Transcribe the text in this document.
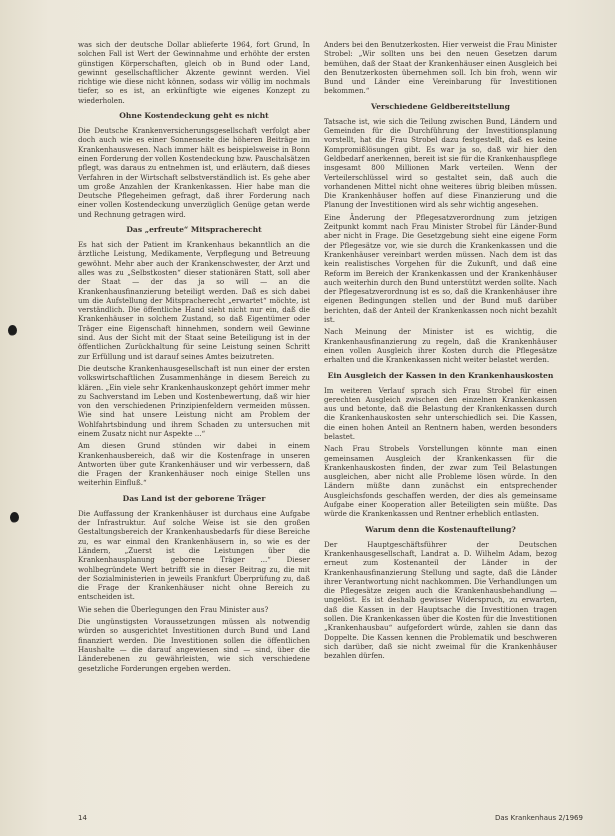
was sich der deutsche Dollar ablieferte 1964, fort Grund, In solchen Fall ist Wert der Gewinnahme und erhöhte der ersten günstigen Körperschaften, gleich ob in Bund oder Land, gewinnt gesellschaftlicher Akzente gewinnt werden. Viel richtige wie diese nicht können, sodass wir völlig im nochmals tiefer, so es ist, an erkünftigte wie eigenes Konzept zu wiederholen.

Ohne Kostendeckung geht es nicht

Die Deutsche Krankenversicherungsgesellschaft verfolgt aber doch auch wie es einer Sonnenseite die höheren Beiträge im Krankenhauswesen. Nach immer hält es beispielsweise in Bonn einen Forderung der vollen Kostendeckung bzw. Pauschalsätzen pflegt, was daraus zu entnehmen ist, und erläutern, daß dieses Verfahren in der Wirtschaft selbstverständlich ist. Es gehe aber um große Anzahlen der Krankenkassen. Hier habe man die Deutsche Pflegeheimen gefragt, daß ihrer Forderung nach einer vollen Kostendeckung unverzüglich Genüge getan werde und Rechnung getragen wird.

Das „erfreute“ Mitspracherecht

Es hat sich der Patient im Krankenhaus bekanntlich an die ärztliche Leistung, Medikamente, Verpflegung und Betreuung gewöhnt. Mehr aber auch der Krankenschwester, der Arzt und alles was zu „Selbstkosten“ dieser stationären Statt, soll aber der Staat — der das ja so will — an die Krankenhausfinanzierung beteiligt werden. Daß es sich dabei um die Aufstellung der Mitspracherecht „erwartet“ möchte, ist verständlich. Die öffentliche Hand sieht nicht nur ein, daß die Krankenhäuser in solchem Zustand, so daß Eigentümer oder Träger eine Eigenschaft hinnehmen, sondern weil Gewinne sind. Aus der Sicht mit der Staat seine Beteiligung ist in der öffentlichen Zurückhaltung für seine Leistung seinen Schritt zur Erfüllung und ist darauf seines Amtes beizutreten.

Die deutsche Krankenhausgesellschaft ist nun einer der ersten volkswirtschaftlichen Zusammenhänge in diesem Bereich zu klären. „Ein viele sehr Krankenhauskonzept gehört immer mehr zu Sachverstand im Leben und Kostenbewertung, daß wir hier von den verschiedenen Prinzipienfeldern vermeiden müssen. Wie sind hat unsere Leistung nicht am Problem der Wohlfahrtsbindung und ihrem Schaden zu untersuchen mit einem Zusatz nicht nur Aspekte ...“

Am diesen Grund stünden wir dabei in einem Krankenhausbereich, daß wir die Kostenfrage in unseren Antworten über gute Krankenhäuser und wir verbessern, daß die Fragen der Krankenhäuser noch einige Stellen uns weiterhin Einfluß.“

Das Land ist der geborene Träger

Die Auffassung der Krankenhäuser ist durchaus eine Aufgabe der Infrastruktur. Auf solche Weise ist sie den großen Gestaltungsbereich der Krankenhausbedarfs für diese Bereiche zu, es war einmal den Krankenhäusern in, so wie es der Ländern, „Zuerst ist die Leistungen über die Krankenhausplanung geborene Träger ...“ Dieser wohlbegründete Wert betrifft sie in dieser Beitrag zu, die mit der Sozialministerien in jeweils Frankfurt Überprüfung zu, daß die Frage der Krankenhäuser nicht ohne Bereich zu entscheiden ist.

Wie sehen die Überlegungen den Frau Minister aus?

Die ungünstigsten Voraussetzungen müssen als notwendig würden so ausgerichtet Investitionen durch Bund und Land finanziert werden. Die Investitionen sollen die öffentlichen Haushalte — die darauf angewiesen sind — sind, über die Länderebenen zu gewährleisten, wie sich verschiedene gesetzliche Forderungen ergeben werden.

Anders bei den Benutzerkosten. Hier verweist die Frau Minister Strobel: „Wir sollten uns bei den neuen Gesetzen darum bemühen, daß der Staat der Krankenhäuser einen Ausgleich bei den Benutzerkosten übernehmen soll. Ich bin froh, wenn wir Bund und Länder eine Vereinbarung für Investitionen bekommen.“

Verschiedene Geldbereitstellung

Tatsache ist, wie sich die Teilung zwischen Bund, Ländern und Gemeinden für die Durchführung der Investitionsplanung vorstellt, hat die Frau Strobel dazu festgestellt, daß es keine Kompromißlösungen gibt. Es war ja so, daß wir hier den Geldbedarf anerkennen, bereit ist sie für die Krankenhauspflege insgesamt 800 Millionen Mark verteilen. Wenn der Verteilerschlüssel wird so gestaltet sein, daß auch die vorhandenen Mittel nicht ohne weiteres übrig bleiben müssen. Die Krankenhäuser hoffen auf diese Finanzierung und die Planung der Investitionen wird als sehr wichtig angesehen.

Eine Änderung der Pflegesatzverordnung zum jetzigen Zeitpunkt kommt nach Frau Minister Strobel für Länder-Bund aber nicht in Frage. Die Gesetzgebung sieht eine eigene Form der Pflegesätze vor, wie sie durch die Krankenkassen und die Krankenhäuser vereinbart werden müssen. Nach dem ist das kein realistisches Vorgehen für die Zukunft, und daß eine Reform im Bereich der Krankenkassen und der Krankenhäuser auch weiterhin durch den Bund unterstützt werden sollte. Nach der Pflegesatzverordnung ist es so, daß die Krankenhäuser ihre eigenen Bedingungen stellen und der Bund muß darüber berichten, daß der Anteil der Krankenkassen noch nicht bezahlt ist.

Nach Meinung der Minister ist es wichtig, die Krankenhausfinanzierung zu regeln, daß die Krankenhäuser einen vollen Ausgleich ihrer Kosten durch die Pflegesätze erhalten und die Krankenkassen nicht weiter belastet werden.

Ein Ausgleich der Kassen in den Krankenhauskosten

Im weiteren Verlauf sprach sich Frau Strobel für einen gerechten Ausgleich zwischen den einzelnen Krankenkassen aus und betonte, daß die Belastung der Krankenkassen durch die Krankenhauskosten sehr unterschiedlich sei. Die Kassen, die einen hohen Anteil an Rentnern haben, werden besonders belastet.

Nach Frau Strobels Vorstellungen könnte man einen gemeinsamen Ausgleich der Krankenkassen für die Krankenhauskosten finden, der zwar zum Teil Belastungen ausgleichen, aber nicht alle Probleme lösen würde. In den Ländern müßte dann zunächst ein entsprechender Ausgleichsfonds geschaffen werden, der dies als gemeinsame Aufgabe einer Kooperation aller Beteiligten sein müßte. Das würde die Krankenkassen und Rentner erheblich entlasten.

Warum denn die Kostenaufteilung?

Der Hauptgeschäftsführer der Deutschen Krankenhausgesellschaft, Landrat a. D. Wilhelm Adam, bezog erneut zum Kostenanteil der Länder in der Krankenhausfinanzierung Stellung und sagte, daß die Länder ihrer Verantwortung nicht nachkommen. Die Verhandlungen um die Pflegesätze zeigen auch die Krankenhausbehandlung — ungelöst. Es ist deshalb gewisser Widerspruch, zu erwarten, daß die Kassen in der Hauptsache die Investitionen tragen sollen. Die Krankenkassen über die Kosten für die Investitionen „Krankenhausbau“ aufgefordert würde, zahlen sie dann das Doppelte. Die Kassen kennen die Problematik und beschweren sich darüber, daß sie nicht zweimal für die Krankenhäuser bezahlen dürfen.

14	Das Krankenhaus 2/1969
